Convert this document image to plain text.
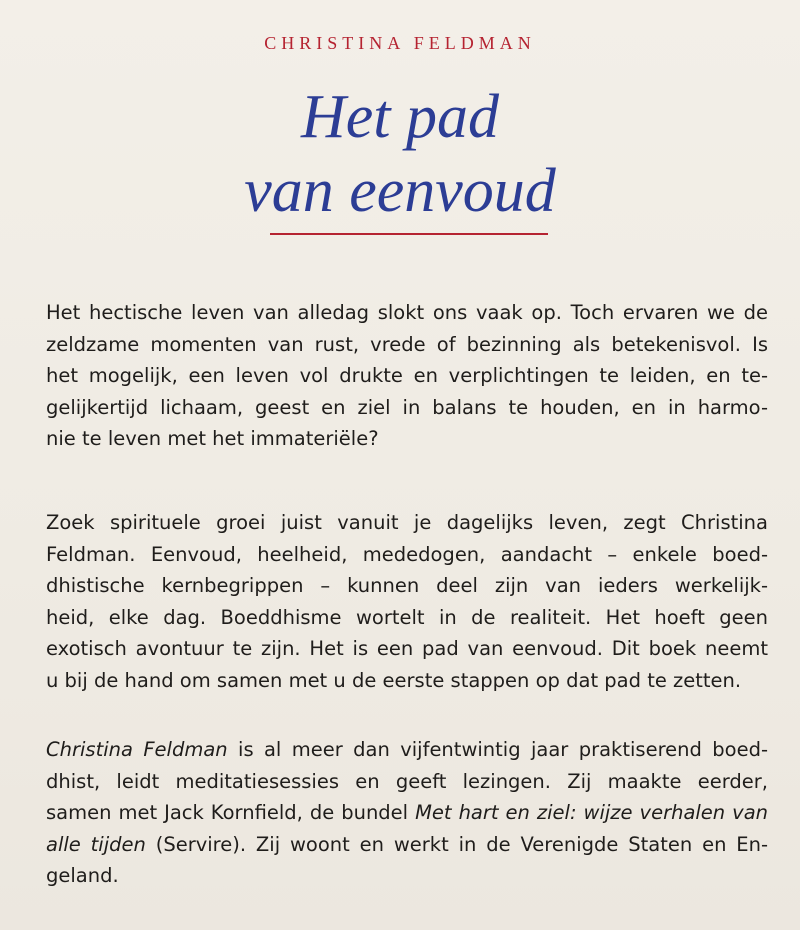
CHRISTINA FELDMAN
Het pad
van eenvoud
Het hectische leven van alledag slokt ons vaak op. Toch ervaren we de
zeldzame momenten van rust, vrede of bezinning als betekenisvol. Is
het mogelijk, een leven vol drukte en verplichtingen te leiden, en te-
gelijkertijd lichaam, geest en ziel in balans te houden, en in harmo-
nie te leven met het immateriële?
Zoek spirituele groei juist vanuit je dagelijks leven, zegt Christina
Feldman. Eenvoud, heelheid, mededogen, aandacht – enkele boed-
dhistische kernbegrippen – kunnen deel zijn van ieders werkelijk-
heid, elke dag. Boeddhisme wortelt in de realiteit. Het hoeft geen
exotisch avontuur te zijn. Het is een pad van eenvoud. Dit boek neemt
u bij de hand om samen met u de eerste stappen op dat pad te zetten.
Christina Feldman is al meer dan vijfentwintig jaar praktiserend boed-
dhist, leidt meditatiesessies en geeft lezingen. Zij maakte eerder,
samen met Jack Kornfield, de bundel Met hart en ziel: wijze verhalen van
alle tijden (Servire). Zij woont en werkt in de Verenigde Staten en En-
geland.
